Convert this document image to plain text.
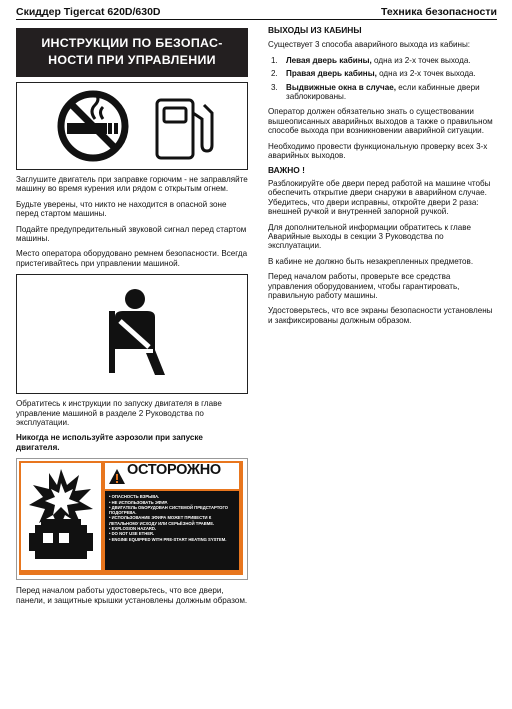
Скиддер Tigercat 620D/630D	Техника безопасности
ИНСТРУКЦИИ ПО БЕЗОПАС-
НОСТИ ПРИ УПРАВЛЕНИИ

Заглушите двигатель при заправке горючим - не заправляйте машину во время курения или рядом с открытым огнем.

Будьте уверены, что никто не находится в опасной зоне перед стартом машины.

Подайте предупредительный звуковой сигнал перед стартом машины.

Место оператора оборудовано ремнем безопасности. Всегда пристегивайтесь при управлении машиной.

Обратитесь к инструкции по запуску двигателя в главе управление машиной в разделе 2 Руководства по эксплуатации.

Никогда не используйте аэрозоли при запуске двигателя.

ОСТОРОЖНО
• ОПАСНОСТЬ ВЗРЫВА.
• НЕ ИСПОЛЬЗОВАТЬ ЭФИР.
• ДВИГАТЕЛЬ ОБОРУДОВАН СИСТЕМОЙ ПРЕДСТАРТОГО ПОДОГРЕВА.
• ИСПОЛЬЗОВАНИЕ ЭФИРА МОЖЕТ ПРИВЕСТИ К ЛЕТАЛЬНОМУ ИСХОДУ ИЛИ СЕРЬЁЗНОЙ ТРАВМЕ.
• EXPLOSION HAZARD.
• DO NOT USE ETHER.
• ENGINE EQUIPPED WITH PRE-START HEATING SYSTEM.

Перед началом работы удостоверьтесь, что все двери, панели, и защитные крышки установлены должным образом.

ВЫХОДЫ ИЗ КАБИНЫ

Существует 3 способа аварийного выхода из кабины:

1. Левая дверь кабины, одна из 2-х точек выхода.
2. Правая дверь кабины, одна из 2-х точек выхода.
3. Выдвижные окна в случае, если кабинные двери заблокированы.

Оператор должен обязательно знать о существовании вышеописанных аварийных выходов а также о правильном способе выхода при возникновении аварийной ситуации.

Необходимо провести функциональную проверку всех 3-х аварийных выходов.

ВАЖНО !

Разблокируйте обе двери перед работой на машине чтобы обеспечить открытие двери снаружи в аварийном случае. Убедитесь, что двери исправны, откройте двери 2 раза: внешней ручкой и внутренней запорной ручкой.

Для дополнительной информации обратитесь к главе Аварийные выходы в секции 3 Руководства по эксплуатации.

В кабине не должно быть незакрепленных предметов.

Перед началом работы, проверьте все средства управления оборудованием, чтобы гарантировать, правильную работу машины.

Удостоверьтесь, что все экраны безопасности установлены и закфиксированы должным образом.
